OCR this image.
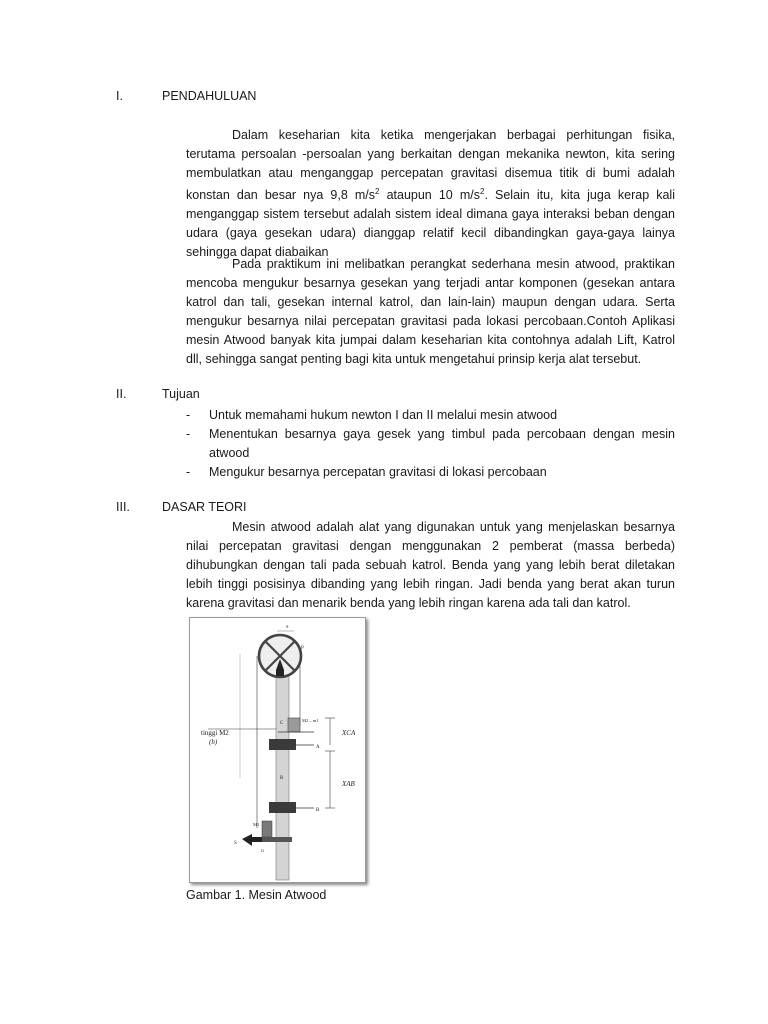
I.	PENDAHULUAN

Dalam keseharian kita ketika mengerjakan berbagai perhitungan fisika, terutama persoalan -persoalan yang berkaitan dengan mekanika newton, kita sering membulatkan atau menganggap percepatan gravitasi disemua titik di bumi adalah konstan dan besar nya 9,8 $m/s^2$ ataupun 10 $m/s^2$. Selain itu, kita juga kerap kali menganggap sistem tersebut adalah sistem ideal dimana gaya interaksi beban dengan udara (gaya gesekan udara) dianggap relatif kecil dibandingkan gaya-gaya lainya sehingga dapat diabaikan

Pada praktikum ini melibatkan perangkat sederhana mesin atwood, praktikan mencoba mengukur besarnya gesekan yang terjadi antar komponen (gesekan antara katrol dan tali, gesekan internal katrol, dan lain-lain) maupun dengan udara. Serta mengukur besarnya nilai percepatan gravitasi pada lokasi percobaan.Contoh Aplikasi mesin Atwood banyak kita jumpai dalam keseharian kita contohnya adalah Lift, Katrol dll, sehingga sangat penting bagi kita untuk mengetahui prinsip kerja alat tersebut.

II.	Tujuan
- Untuk memahami hukum newton I dan II melalui mesin atwood
- Menentukan besarnya gaya gesek yang timbul pada percobaan dengan mesin atwood
- Mengukur besarnya percepatan gravitasi di lokasi percobaan
III.	DASAR TEORI

Mesin atwood adalah alat yang digunakan untuk yang menjelaskan besarnya nilai percepatan gravitasi dengan menggunakan 2 pemberat (massa berbeda) dihubungkan dengan tali pada sebuah katrol. Benda yang yang lebih berat diletakan lebih tinggi posisinya dibanding yang lebih ringan. Jadi benda yang berat akan turun karena gravitasi dan menarik benda yang lebih ringan karena ada tali dan katrol.

S
P
C
M2 – m1
XCA
tinggi M2
(h)
A
R
XAB
B
M1
S
G
Gambar 1. Mesin Atwood
